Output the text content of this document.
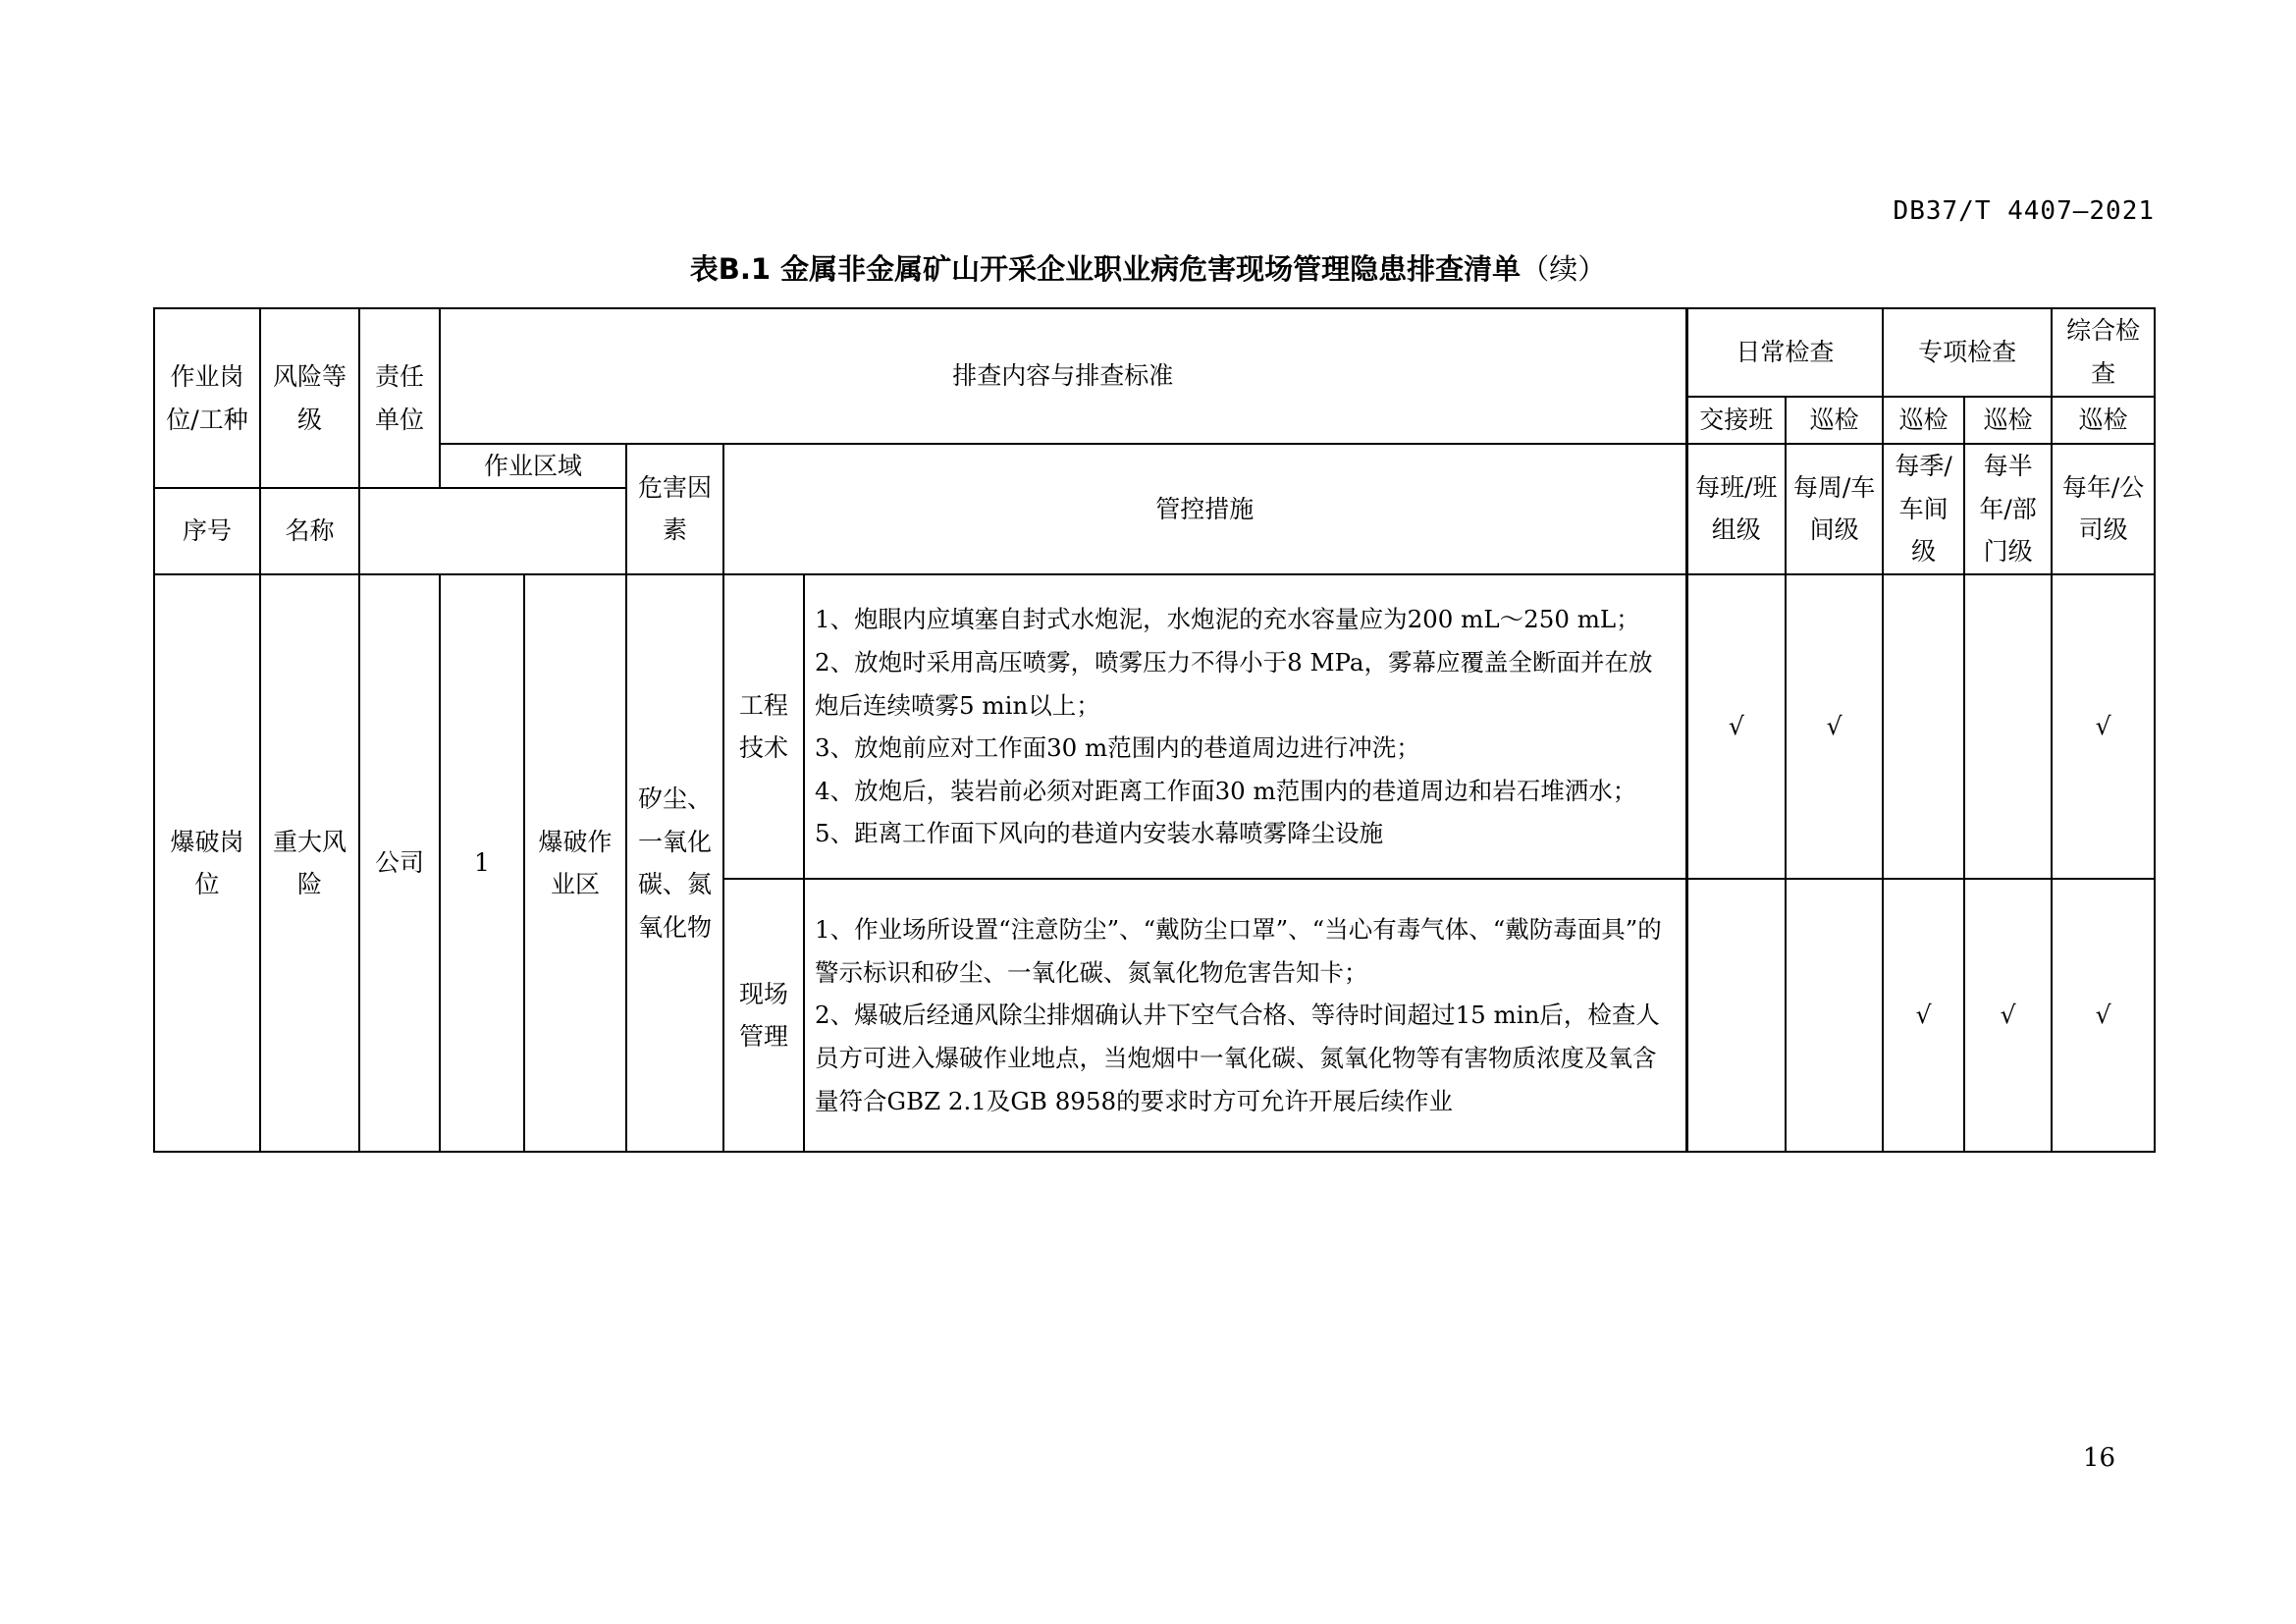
DB37/T 4407—2021
表B.1 金属非金属矿山开采企业职业病危害现场管理隐患排查清单（续）
作业岗位/工种	风险等级	责任单位	排查内容与排查标准					日常检查		专项检查		综合检查
								交接班	巡检	巡检	巡检	巡检
			作业区域		危害因素	管控措施		每班/班组级	每周/车间级	每季/车间级	每半年/部门级	每年/公司级
序号	名称											
爆破岗位	重大风险	公司	1	爆破作业区	矽尘、一氧化碳、氮氧化物	工程技术	1、炮眼内应填塞自封式水炮泥，水炮泥的充水容量应为200 mL～250 mL；
2、放炮时采用高压喷雾，喷雾压力不得小于8 MPa，雾幕应覆盖全断面并在放炮后连续喷雾5 min以上；
3、放炮前应对工作面30 m范围内的巷道周边进行冲洗；
4、放炮后，装岩前必须对距离工作面30 m范围内的巷道周边和岩石堆洒水；
5、距离工作面下风向的巷道内安装水幕喷雾降尘设施	√	√			√
						现场管理	1、作业场所设置“注意防尘”、“戴防尘口罩”、“当心有毒气体、“戴防毒面具”的警示标识和矽尘、一氧化碳、氮氧化物危害告知卡；
2、爆破后经通风除尘排烟确认井下空气合格、等待时间超过15 min后，检查人员方可进入爆破作业地点，当炮烟中一氧化碳、氮氧化物等有害物质浓度及氧含量符合GBZ 2.1及GB 8958的要求时方可允许开展后续作业			√	√	√
16
